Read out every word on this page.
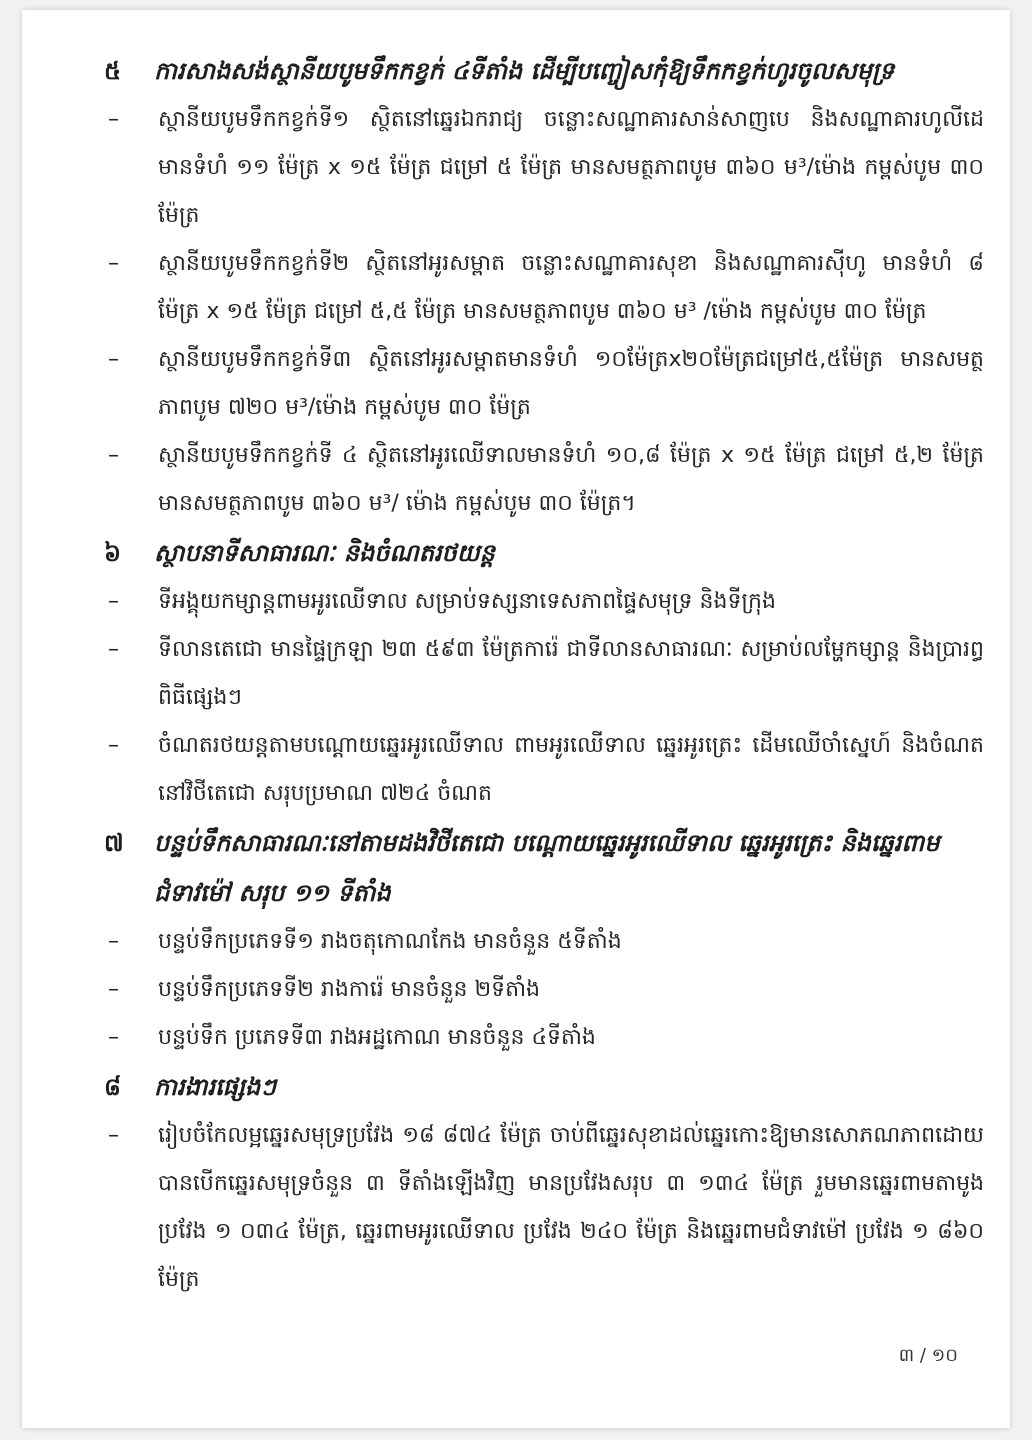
៥	ការសាងសង់ស្ថានីយបូមទឹកកខ្វក់ ៤ទីតាំង ដើម្បីបញ្ចៀសកុំឱ្យទឹកកខ្វក់ហូរចូលសមុទ្រ
–	ស្ថានីយបូមទឹកកខ្វក់ទី១ ស្ថិតនៅឆ្នេរឯករាជ្យ ចន្លោះសណ្ឋាគារសាន់សាញបេ និងសណ្ឋាគារហូលីដេ មានទំហំ ១១ ម៉ែត្រ x ១៥ ម៉ែត្រ ជម្រៅ ៥ ម៉ែត្រ មានសមត្ថភាពបូម ៣៦០ ម³/ម៉ោង កម្ពស់បូម ៣០ ម៉ែត្រ
–	ស្ថានីយបូមទឹកកខ្វក់ទី២ ស្ថិតនៅអូរសម្ពាត ចន្លោះសណ្ឋាគារសុខា និងសណ្ឋាគារស៊ីហូ មានទំហំ ៨ ម៉ែត្រ x ១៥ ម៉ែត្រ ជម្រៅ ៥,៥ ម៉ែត្រ មានសមត្ថភាពបូម ៣៦០ ម³ /ម៉ោង កម្ពស់បូម ៣០ ម៉ែត្រ
–	ស្ថានីយបូមទឹកកខ្វក់ទី៣ ស្ថិតនៅអូរសម្ពាតមានទំហំ ១០ម៉ែត្រx២០ម៉ែត្រជម្រៅ៥,៥ម៉ែត្រ មានសមត្ថភាពបូម ៧២០ ម³/ម៉ោង កម្ពស់បូម ៣០ ម៉ែត្រ
–	ស្ថានីយបូមទឹកកខ្វក់ទី ៤ ស្ថិតនៅអូរឈើទាលមានទំហំ ១០,៨ ម៉ែត្រ x ១៥ ម៉ែត្រ ជម្រៅ ៥,២ ម៉ែត្រ មានសមត្ថភាពបូម ៣៦០ ម³/ ម៉ោង កម្ពស់បូម ៣០ ម៉ែត្រ។
៦	ស្ថាបនាទីសាធារណៈ និងចំណតរថយន្ត
–	ទីអង្គុយកម្សាន្តពាមអូរឈើទាល សម្រាប់ទស្សនាទេសភាពផ្ទៃសមុទ្រ និងទីក្រុង
–	ទីលានតេជោ មានផ្ទៃក្រឡា ២៣ ៥៩៣ ម៉ែត្រការ៉េ ជាទីលានសាធារណៈ សម្រាប់លម្ហែកម្សាន្ត និងប្រារព្ធពិធីផ្សេងៗ
–	ចំណតរថយន្តតាមបណ្ដោយឆ្នេរអូរឈើទាល ពាមអូរឈើទាល ឆ្នេរអូរត្រេះ ដើមឈើចាំស្នេហ៍ និងចំណតនៅវិថីតេជោ សរុបប្រមាណ ៧២៤ ចំណត
៧	បន្ទប់ទឹកសាធារណៈនៅតាមដងវិថីតេជោ បណ្ដោយឆ្នេរអូរឈើទាល ឆ្នេរអូរត្រេះ និងឆ្នេរពាមជំទាវម៉ៅ សរុប ១១ ទីតាំង
–	បន្ទប់ទឹកប្រភេទទី១ រាងចតុកោណកែង មានចំនួន ៥ទីតាំង
–	បន្ទប់ទឹកប្រភេទទី២ រាងការ៉េ មានចំនួន ២ទីតាំង
–	បន្ទប់ទឹក ប្រភេទទី៣ រាងអដ្ឋកោណ មានចំនួន ៤ទីតាំង
៨	ការងារផ្សេងៗ
–	រៀបចំកែលម្អឆ្នេរសមុទ្រប្រវែង ១៨ ៨៧៤ ម៉ែត្រ ចាប់ពីឆ្នេរសុខាដល់ឆ្នេរកោះឱ្យមានសោភណភាពដោយបានបើកឆ្នេរសមុទ្រចំនួន ៣ ទីតាំងឡើងវិញ មានប្រវែងសរុប ៣ ១៣៤ ម៉ែត្រ រួមមានឆ្នេរពាមតាមូង ប្រវែង ១ ០៣៤ ម៉ែត្រ, ឆ្នេរពាមអូរឈើទាល ប្រវែង ២៤០ ម៉ែត្រ និងឆ្នេរពាមជំទាវម៉ៅ ប្រវែង ១ ៨៦០ ម៉ែត្រ
៣ / ១០
